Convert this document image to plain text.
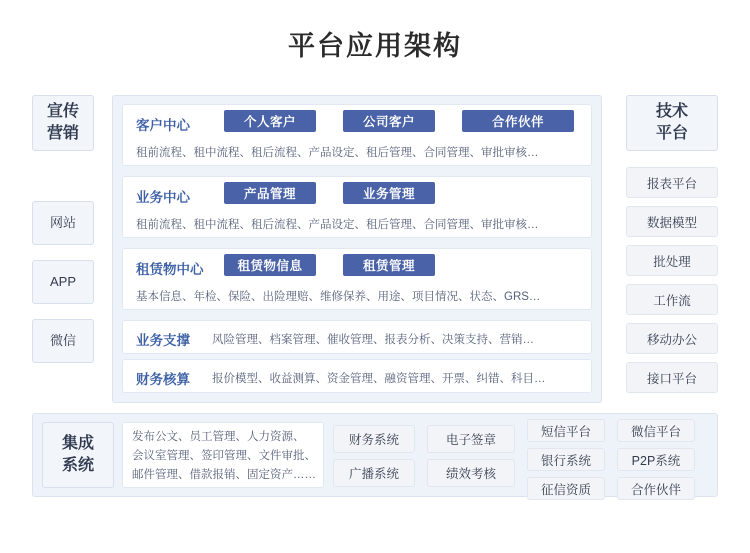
平台应用架构
宣传
营销
网站
APP
微信
技术
平台
报表平台
数据模型
批处理
工作流
移动办公
接口平台
客户中心	个人客户	公司客户	合作伙伴
租前流程、租中流程、租后流程、产品设定、租后管理、合同管理、审批审核…
业务中心	产品管理	业务管理
租前流程、租中流程、租后流程、产品设定、租后管理、合同管理、审批审核…
租赁物中心	租赁物信息	租赁管理
基本信息、年检、保险、出险理赔、维修保养、用途、项目情况、状态、GRS…
业务支撑 风险管理、档案管理、催收管理、报表分析、决策支持、营销…
财务核算 报价模型、收益测算、资金管理、融资管理、开票、纠错、科目…
集成
系统
发布公文、员工管理、人力资源、
会议室管理、签印管理、文件审批、
邮件管理、借款报销、固定资产……
财务系统	电子签章
广播系统	绩效考核
短信平台	微信平台
银行系统	P2P系统
征信资质	合作伙伴
